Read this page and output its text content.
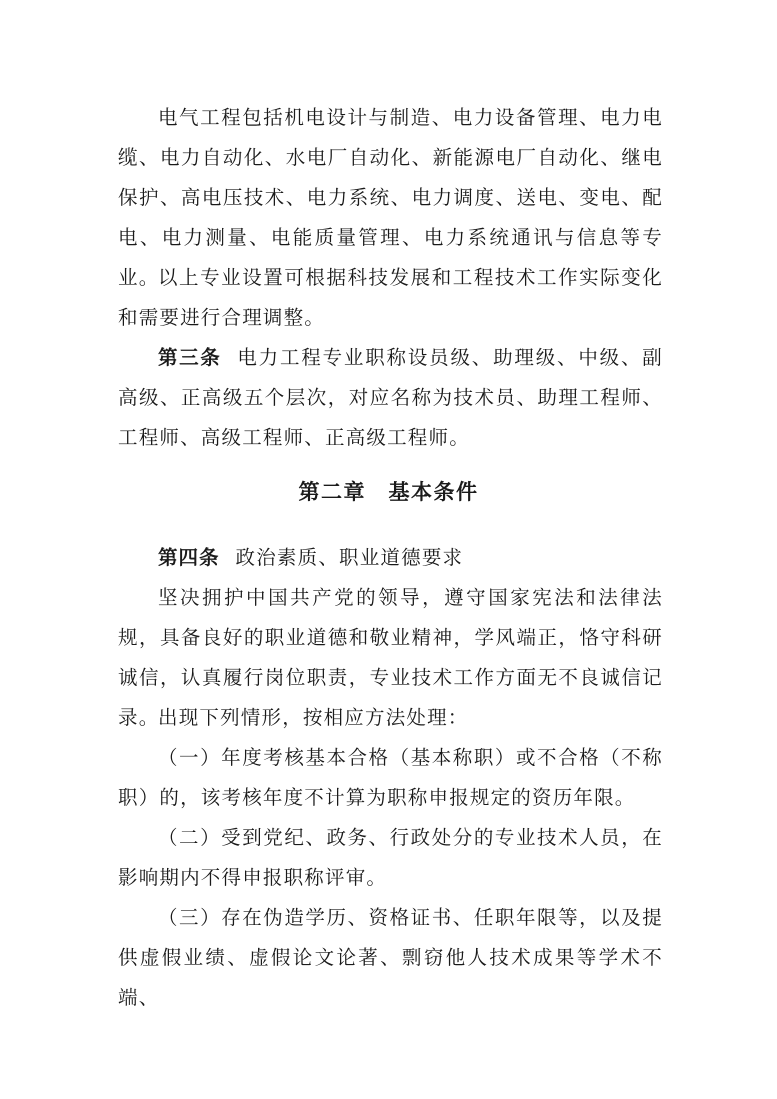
电气工程包括机电设计与制造、电力设备管理、电力电缆、电力自动化、水电厂自动化、新能源电厂自动化、继电保护、高电压技术、电力系统、电力调度、送电、变电、配电、电力测量、电能质量管理、电力系统通讯与信息等专业。

以上专业设置可根据科技发展和工程技术工作实际变化和需要进行合理调整。

第三条 电力工程专业职称设员级、助理级、中级、副高级、正高级五个层次，对应名称为技术员、助理工程师、工程师、高级工程师、正高级工程师。

第二章　基本条件

第四条 政治素质、职业道德要求

坚决拥护中国共产党的领导，遵守国家宪法和法律法规，具备良好的职业道德和敬业精神，学风端正，恪守科研诚信，认真履行岗位职责，专业技术工作方面无不良诚信记录。

出现下列情形，按相应方法处理：

（一）年度考核基本合格（基本称职）或不合格（不称职）的，该考核年度不计算为职称申报规定的资历年限。

（二）受到党纪、政务、行政处分的专业技术人员，在影响期内不得申报职称评审。

（三）存在伪造学历、资格证书、任职年限等，以及提供虚假业绩、虚假论文论著、剽窃他人技术成果等学术不端、
